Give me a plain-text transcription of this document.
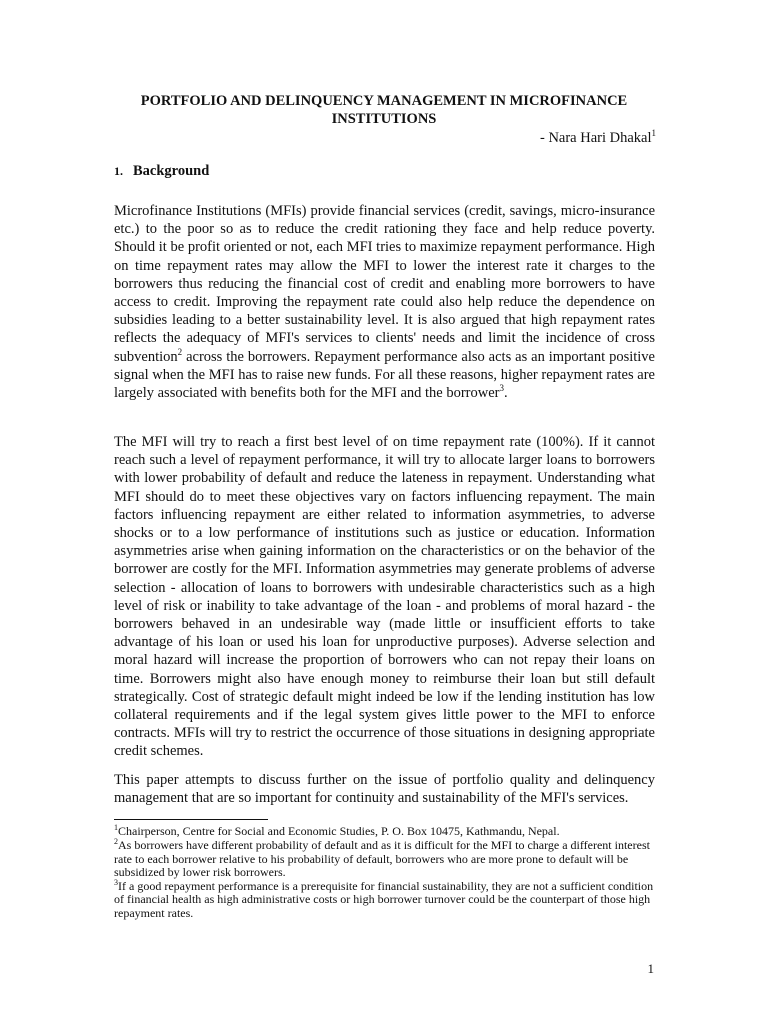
PORTFOLIO AND DELINQUENCY MANAGEMENT IN MICROFINANCE INSTITUTIONS
- Nara Hari Dhakal$^1$
1. Background

Microfinance Institutions (MFIs) provide financial services (credit, savings, micro-insurance etc.) to the poor so as to reduce the credit rationing they face and help reduce poverty. Should it be profit oriented or not, each MFI tries to maximize repayment performance. High on time repayment rates may allow the MFI to lower the interest rate it charges to the borrowers thus reducing the financial cost of credit and enabling more borrowers to have access to credit. Improving the repayment rate could also help reduce the dependence on subsidies leading to a better sustainability level. It is also argued that high repayment rates reflects the adequacy of MFI's services to clients' needs and limit the incidence of cross subvention$^2$ across the borrowers. Repayment performance also acts as an important positive signal when the MFI has to raise new funds. For all these reasons, higher repayment rates are largely associated with benefits both for the MFI and the borrower$^3$.

The MFI will try to reach a first best level of on time repayment rate (100%). If it cannot reach such a level of repayment performance, it will try to allocate larger loans to borrowers with lower probability of default and reduce the lateness in repayment. Understanding what MFI should do to meet these objectives vary on factors influencing repayment. The main factors influencing repayment are either related to information asymmetries, to adverse shocks or to a low performance of institutions such as justice or education. Information asymmetries arise when gaining information on the characteristics or on the behavior of the borrower are costly for the MFI. Information asymmetries may generate problems of adverse selection - allocation of loans to borrowers with undesirable characteristics such as a high level of risk or inability to take advantage of the loan - and problems of moral hazard - the borrowers behaved in an undesirable way (made little or insufficient efforts to take advantage of his loan or used his loan for unproductive purposes). Adverse selection and moral hazard will increase the proportion of borrowers who can not repay their loans on time. Borrowers might also have enough money to reimburse their loan but still default strategically. Cost of strategic default might indeed be low if the lending institution has low collateral requirements and if the legal system gives little power to the MFI to enforce contracts. MFIs will try to restrict the occurrence of those situations in designing appropriate credit schemes.

This paper attempts to discuss further on the issue of portfolio quality and delinquency management that are so important for continuity and sustainability of the MFI's services.

$^1$Chairperson, Centre for Social and Economic Studies, P. O. Box 10475, Kathmandu, Nepal.

$^2$As borrowers have different probability of default and as it is difficult for the MFI to charge a different interest rate to each borrower relative to his probability of default, borrowers who are more prone to default will be subsidized by lower risk borrowers.

$^3$If a good repayment performance is a prerequisite for financial sustainability, they are not a sufficient condition of financial health as high administrative costs or high borrower turnover could be the counterpart of those high repayment rates.

1
